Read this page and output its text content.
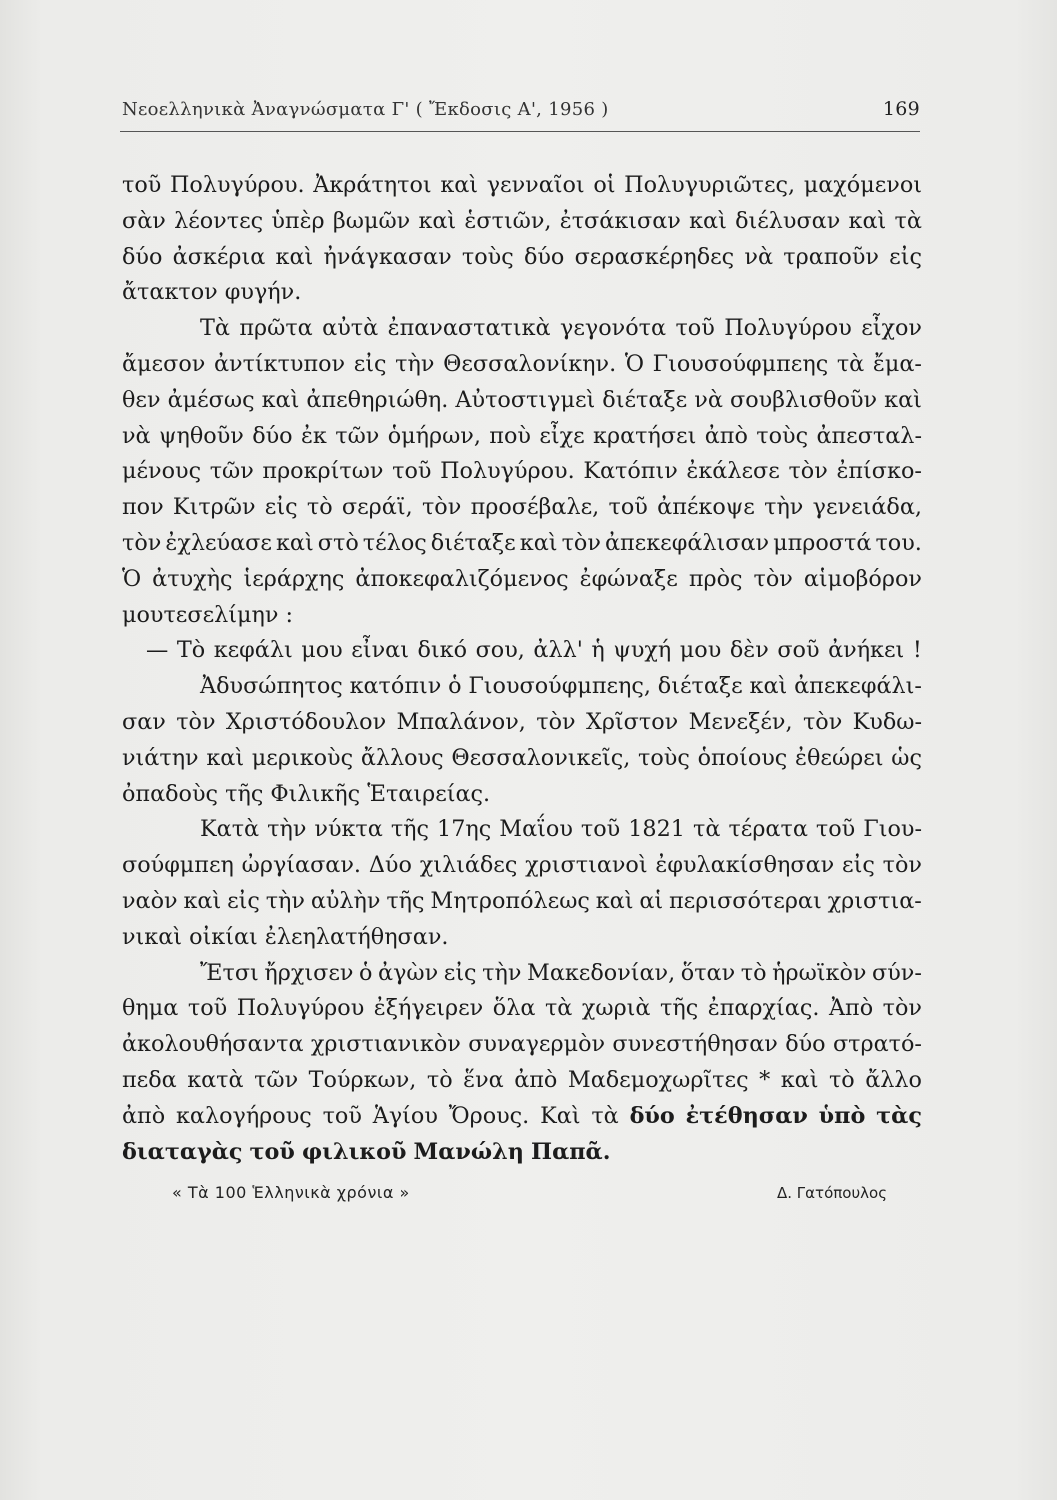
Νεοελληνικὰ Ἀναγνώσματα Γ' ( Ἔκδοσις Α', 1956 )	169
τοῦ Πολυγύρου. Ἀκράτητοι καὶ γενναῖοι οἱ Πολυγυριῶτες, μαχόμενοι
σὰν λέοντες ὑπὲρ βωμῶν καὶ ἑστιῶν, ἐτσάκισαν καὶ διέλυσαν καὶ τὰ
δύο ἀσκέρια καὶ ἠνάγκασαν τοὺς δύο σερασκέρηδες νὰ τραποῦν εἰς
ἄτακτον
φυγήν.
Τὰ πρῶτα αὐτὰ ἐπαναστατικὰ γεγονότα τοῦ Πολυγύρου εἶχον
ἄμεσον ἀντίκτυπον εἰς τὴν Θεσσαλονίκην. Ὁ Γιουσούφμπεης τὰ ἔμα-
θεν ἀμέσως καὶ ἀπεθηριώθη. Αὐτοστιγμεὶ διέταξε νὰ σουβλισθοῦν καὶ
νὰ ψηθοῦν δύο ἐκ τῶν ὁμήρων, ποὺ εἶχε κρατήσει ἀπὸ τοὺς ἀπεσταλ-
μένους τῶν προκρίτων τοῦ Πολυγύρου. Κατόπιν ἐκάλεσε τὸν ἐπίσκο-
πον Κιτρῶν εἰς τὸ σεράϊ, τὸν προσέβαλε, τοῦ ἀπέκοψε τὴν γενειάδα,
τὸν ἐχλεύασε καὶ στὸ τέλος διέταξε καὶ τὸν ἀπεκεφάλισαν μπροστά του.
Ὁ ἀτυχὴς ἱεράρχης ἀποκεφαλιζόμενος ἐφώναξε πρὸς τὸν αἱμοβόρον
μουτεσελίμην
:
— Τὸ κεφάλι μου εἶναι δικό σου, ἀλλ' ἡ ψυχή μου δὲν σοῦ ἀνήκει !
Ἀδυσώπητος κατόπιν ὁ Γιουσούφμπεης, διέταξε καὶ ἀπεκεφάλι-
σαν τὸν Χριστόδουλον Μπαλάνον, τὸν Χρῖστον Μενεξέν, τὸν Κυδω-
νιάτην καὶ μερικοὺς ἄλλους Θεσσαλονικεῖς, τοὺς ὁποίους ἐθεώρει ὡς
ὀπαδοὺς
τῆς
Φιλικῆς
Ἑταιρείας.
Κατὰ τὴν νύκτα τῆς 17ης Μαΐου τοῦ 1821 τὰ τέρατα τοῦ Γιου-
σούφμπεη ὠργίασαν. Δύο χιλιάδες χριστιανοὶ ἐφυλακίσθησαν εἰς τὸν
ναὸν καὶ εἰς τὴν αὐλὴν τῆς Μητροπόλεως καὶ αἱ περισσότεραι χριστια-
νικαὶ
οἰκίαι
ἐλεηλατήθησαν.
Ἔτσι ἤρχισεν ὁ ἀγὼν εἰς τὴν Μακεδονίαν, ὅταν τὸ ἡρωϊκὸν σύν-
θημα τοῦ Πολυγύρου ἐξήγειρεν ὅλα τὰ χωριὰ τῆς ἐπαρχίας. Ἀπὸ τὸν
ἀκολουθήσαντα χριστιανικὸν συναγερμὸν συνεστήθησαν δύο στρατό-
πεδα κατὰ τῶν Τούρκων, τὸ ἕνα ἀπὸ Μαδεμοχωρῖτες * καὶ τὸ ἄλλο
ἀπὸ καλογήρους τοῦ Ἁγίου Ὄρους. Καὶ τὰ δύο ἐτέθησαν ὑπὸ τὰς
διαταγὰς
τοῦ
φιλικοῦ
Μανώλη
Παπᾶ.
« Τὰ 100 Ἑλληνικὰ χρόνια »	Δ. Γατόπουλος
